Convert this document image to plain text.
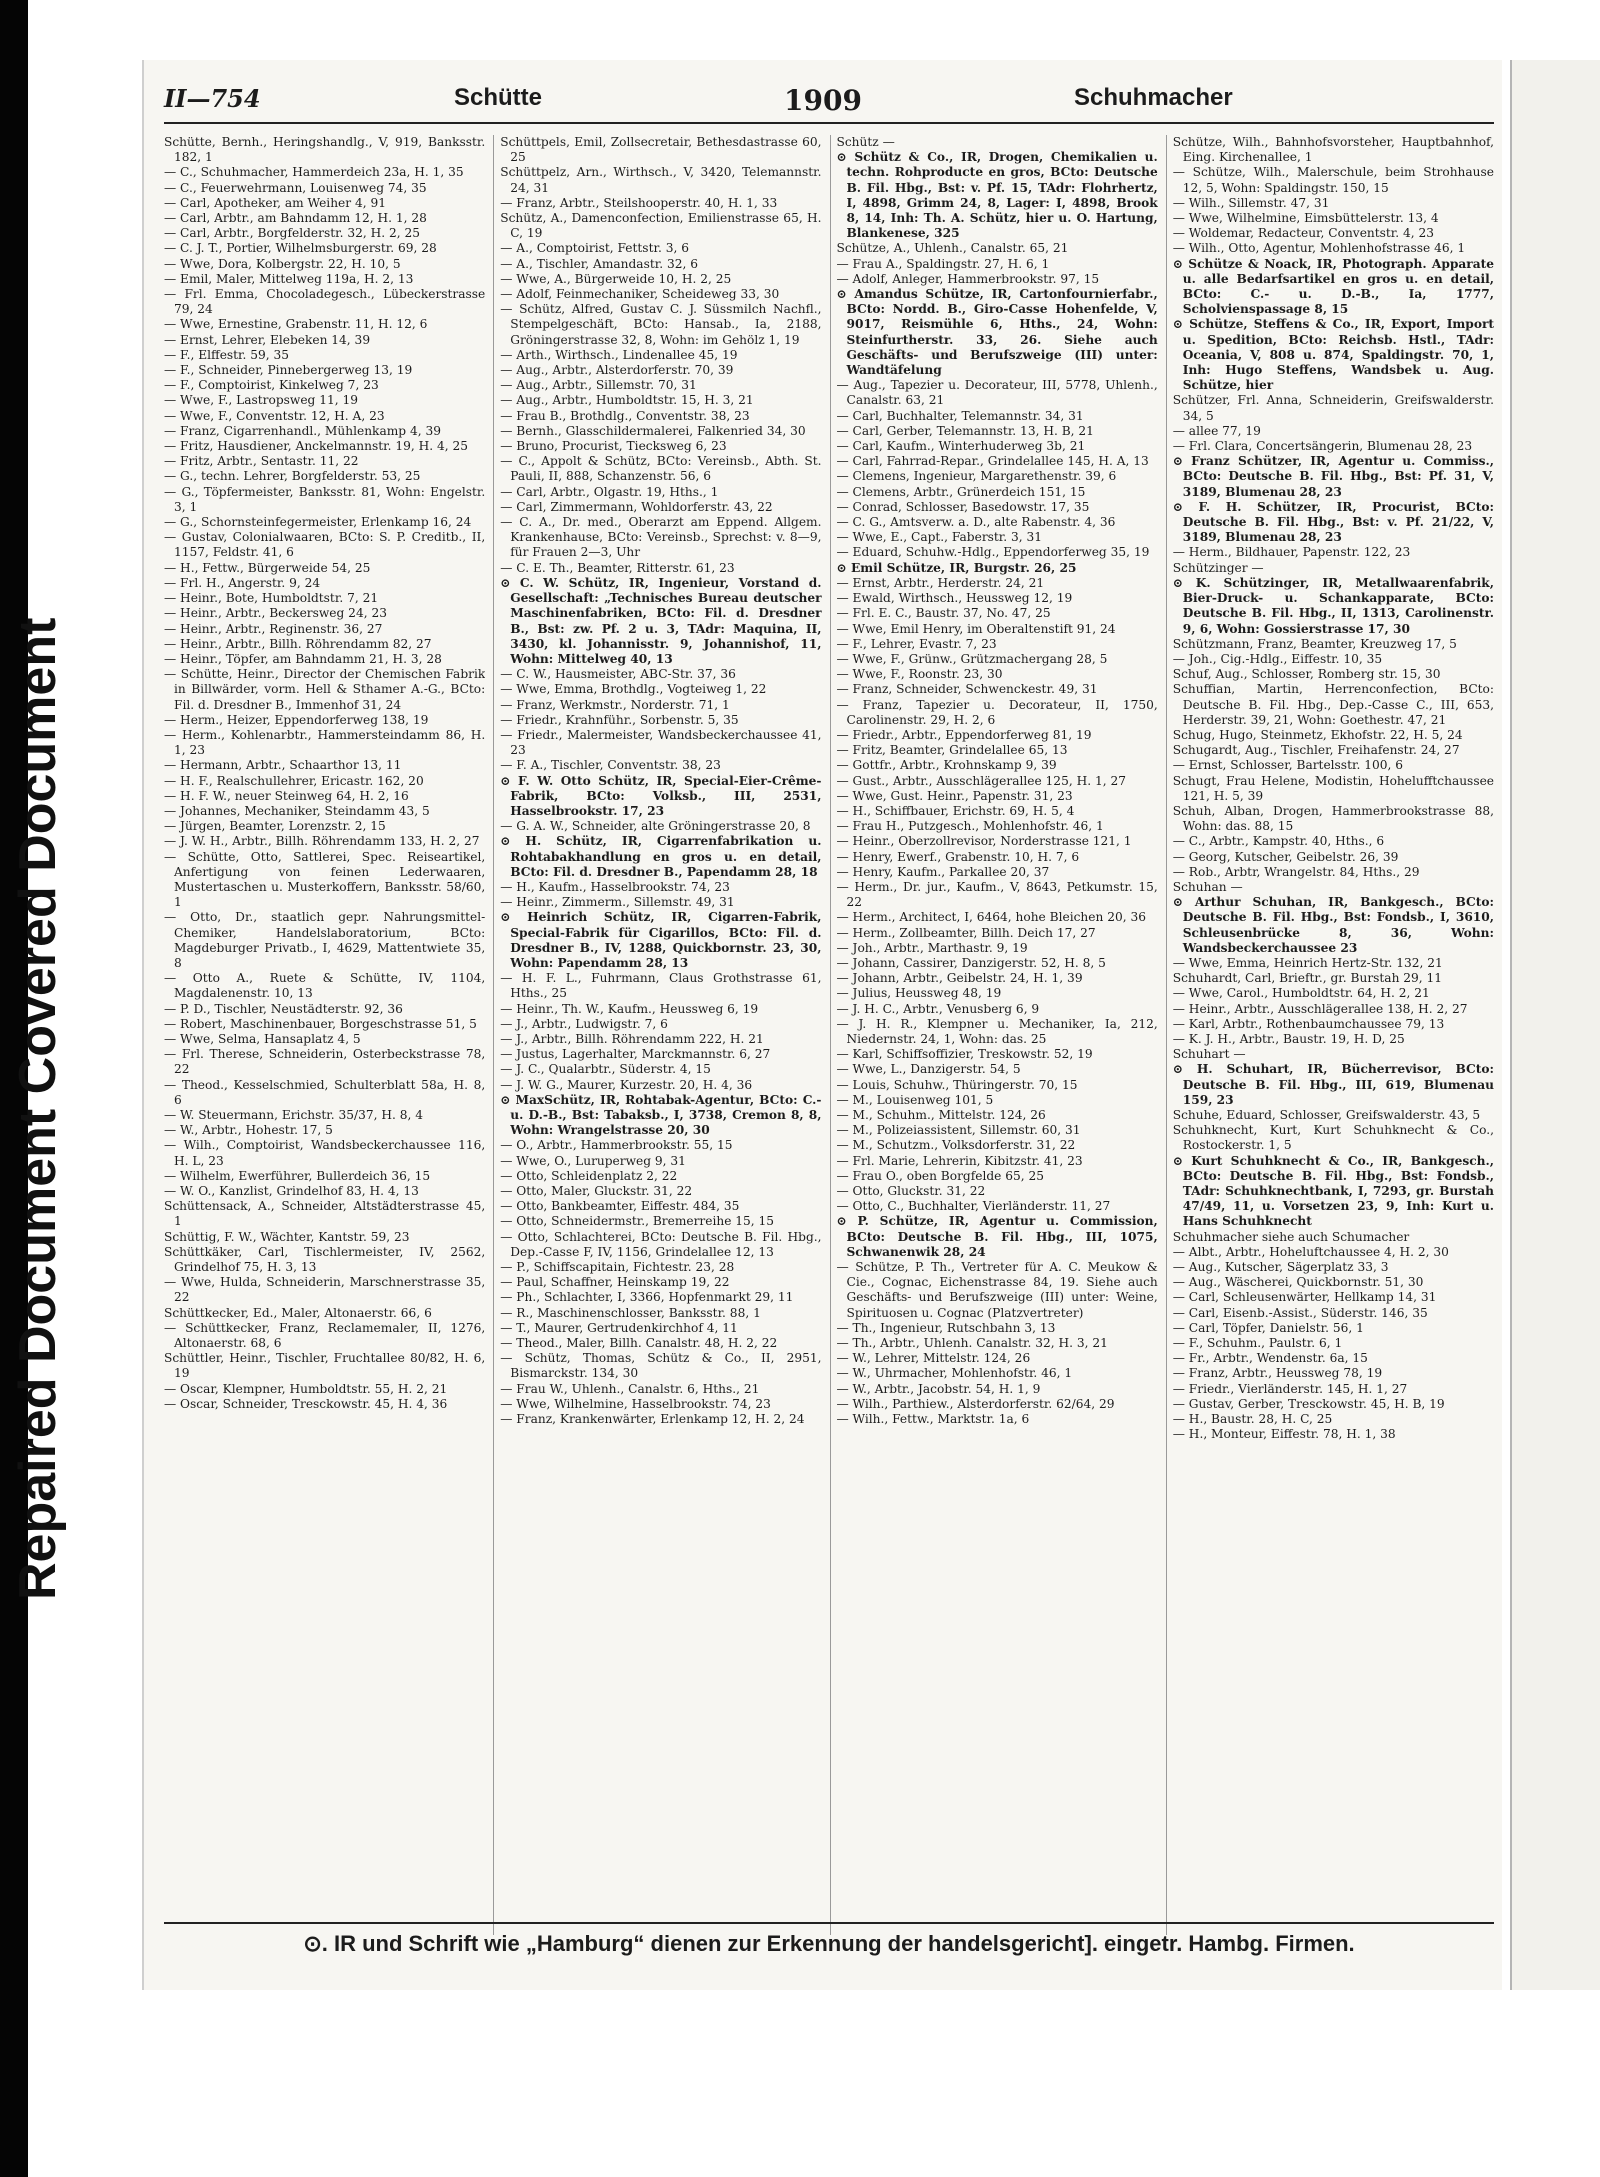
Repaired Document Covered Document
II—754	Schütte	1909	Schuhmacher

Schütte, Bernh., Heringshandlg., V, 919, Banksstr. 182, 1

— C., Schuhmacher, Hammerdeich 23a, H. 1, 35

— C., Feuerwehrmann, Louisenweg 74, 35

— Carl, Apotheker, am Weiher 4, 91

— Carl, Arbtr., am Bahndamm 12, H. 1, 28

— Carl, Arbtr., Borgfelderstr. 32, H. 2, 25

— C. J. T., Portier, Wilhelmsburgerstr. 69, 28

— Wwe, Dora, Kolbergstr. 22, H. 10, 5

— Emil, Maler, Mittelweg 119a, H. 2, 13

— Frl. Emma, Chocoladegesch., Lübeckerstrasse 79, 24

— Wwe, Ernestine, Grabenstr. 11, H. 12, 6

— Ernst, Lehrer, Elebeken 14, 39

— F., Elffestr. 59, 35

— F., Schneider, Pinnebergerweg 13, 19

— F., Comptoirist, Kinkelweg 7, 23

— Wwe, F., Lastropsweg 11, 19

— Wwe, F., Conventstr. 12, H. A, 23

— Franz, Cigarrenhandl., Mühlenkamp 4, 39

— Fritz, Hausdiener, Anckelmannstr. 19, H. 4, 25

— Fritz, Arbtr., Sentastr. 11, 22

— G., techn. Lehrer, Borgfelderstr. 53, 25

— G., Töpfermeister, Banksstr. 81, Wohn: Engelstr. 3, 1

— G., Schornsteinfegermeister, Erlenkamp 16, 24

— Gustav, Colonialwaaren, BCto: S. P. Creditb., II, 1157, Feldstr. 41, 6

— H., Fettw., Bürgerweide 54, 25

— Frl. H., Angerstr. 9, 24

— Heinr., Bote, Humboldtstr. 7, 21

— Heinr., Arbtr., Beckersweg 24, 23

— Heinr., Arbtr., Reginenstr. 36, 27

— Heinr., Arbtr., Billh. Röhrendamm 82, 27

— Heinr., Töpfer, am Bahndamm 21, H. 3, 28

— Schütte, Heinr., Director der Chemischen Fabrik in Billwärder, vorm. Hell & Sthamer A.-G., BCto: Fil. d. Dresdner B., Immenhof 31, 24

— Herm., Heizer, Eppendorferweg 138, 19

— Herm., Kohlenarbtr., Hammersteindamm 86, H. 1, 23

— Hermann, Arbtr., Schaarthor 13, 11

— H. F., Realschullehrer, Ericastr. 162, 20

— H. F. W., neuer Steinweg 64, H. 2, 16

— Johannes, Mechaniker, Steindamm 43, 5

— Jürgen, Beamter, Lorenzstr. 2, 15

— J. W. H., Arbtr., Billh. Röhrendamm 133, H. 2, 27

— Schütte, Otto, Sattlerei, Spec. Reiseartikel, Anfertigung von feinen Lederwaaren, Mustertaschen u. Musterkoffern, Banksstr. 58/60, 1

— Otto, Dr., staatlich gepr. Nahrungsmittel-Chemiker, Handelslaboratorium, BCto: Magdeburger Privatb., I, 4629, Mattentwiete 35, 8

— Otto A., Ruete & Schütte, IV, 1104, Magdalenenstr. 10, 13

— P. D., Tischler, Neustädterstr. 92, 36

— Robert, Maschinenbauer, Borgeschstrasse 51, 5

— Wwe, Selma, Hansaplatz 4, 5

— Frl. Therese, Schneiderin, Osterbeckstrasse 78, 22

— Theod., Kesselschmied, Schulterblatt 58a, H. 8, 6

— W. Steuermann, Erichstr. 35/37, H. 8, 4

— W., Arbtr., Hohestr. 17, 5

— Wilh., Comptoirist, Wandsbeckerchaussee 116, H. L, 23

— Wilhelm, Ewerführer, Bullerdeich 36, 15

— W. O., Kanzlist, Grindelhof 83, H. 4, 13

Schüttensack, A., Schneider, Altstädterstrasse 45, 1

Schüttig, F. W., Wächter, Kantstr. 59, 23

Schüttkäker, Carl, Tischlermeister, IV, 2562, Grindelhof 75, H. 3, 13

— Wwe, Hulda, Schneiderin, Marschnerstrasse 35, 22

Schüttkecker, Ed., Maler, Altonaerstr. 66, 6

— Schüttkecker, Franz, Reclamemaler, II, 1276, Altonaerstr. 68, 6

Schüttler, Heinr., Tischler, Fruchtallee 80/82, H. 6, 19

— Oscar, Klempner, Humboldtstr. 55, H. 2, 21

— Oscar, Schneider, Tresckowstr. 45, H. 4, 36

Schüttpels, Emil, Zollsecretair, Bethesdastrasse 60, 25

Schüttpelz, Arn., Wirthsch., V, 3420, Telemannstr. 24, 31

— Franz, Arbtr., Steilshooperstr. 40, H. 1, 33

Schütz, A., Damenconfection, Emilienstrasse 65, H. C, 19

— A., Comptoirist, Fettstr. 3, 6

— A., Tischler, Amandastr. 32, 6

— Wwe, A., Bürgerweide 10, H. 2, 25

— Adolf, Feinmechaniker, Scheideweg 33, 30

— Schütz, Alfred, Gustav C. J. Süssmilch Nachfl., Stempelgeschäft, BCto: Hansab., Ia, 2188, Gröningerstrasse 32, 8, Wohn: im Gehölz 1, 19

— Arth., Wirthsch., Lindenallee 45, 19

— Aug., Arbtr., Alsterdorferstr. 70, 39

— Aug., Arbtr., Sillemstr. 70, 31

— Aug., Arbtr., Humboldtstr. 15, H. 3, 21

— Frau B., Brothdlg., Conventstr. 38, 23

— Bernh., Glasschildermalerei, Falkenried 34, 30

— Bruno, Procurist, Tiecksweg 6, 23

— C., Appolt & Schütz, BCto: Vereinsb., Abth. St. Pauli, II, 888, Schanzenstr. 56, 6

— Carl, Arbtr., Olgastr. 19, Hths., 1

— Carl, Zimmermann, Wohldorferstr. 43, 22

— C. A., Dr. med., Oberarzt am Eppend. Allgem. Krankenhause, BCto: Vereinsb., Sprechst: v. 8—9, für Frauen 2—3, Uhr

— C. E. Th., Beamter, Ritterstr. 61, 23

⊙ C. W. Schütz, IR, Ingenieur, Vorstand d. Gesellschaft: „Technisches Bureau deutscher Maschinenfabriken, BCto: Fil. d. Dresdner B., Bst: zw. Pf. 2 u. 3, TAdr: Maquina, II, 3430, kl. Johannisstr. 9, Johannishof, 11, Wohn: Mittelweg 40, 13

— C. W., Hausmeister, ABC-Str. 37, 36

— Wwe, Emma, Brothdlg., Vogteiweg 1, 22

— Franz, Werkmstr., Norderstr. 71, 1

— Friedr., Krahnführ., Sorbenstr. 5, 35

— Friedr., Malermeister, Wandsbeckerchaussee 41, 23

— F. A., Tischler, Conventstr. 38, 23

⊙ F. W. Otto Schütz, IR, Special-Eier-Crême-Fabrik, BCto: Volksb., III, 2531, Hasselbrookstr. 17, 23

— G. A. W., Schneider, alte Gröningerstrasse 20, 8

⊙ H. Schütz, IR, Cigarrenfabrikation u. Rohtabakhandlung en gros u. en detail, BCto: Fil. d. Dresdner B., Papendamm 28, 18

— H., Kaufm., Hasselbrookstr. 74, 23

— Heinr., Zimmerm., Sillemstr. 49, 31

⊙ Heinrich Schütz, IR, Cigarren-Fabrik, Special-Fabrik für Cigarillos, BCto: Fil. d. Dresdner B., IV, 1288, Quickbornstr. 23, 30, Wohn: Papendamm 28, 13

— H. F. L., Fuhrmann, Claus Grothstrasse 61, Hths., 25

— Heinr., Th. W., Kaufm., Heussweg 6, 19

— J., Arbtr., Ludwigstr. 7, 6

— J., Arbtr., Billh. Röhrendamm 222, H. 21

— Justus, Lagerhalter, Marckmannstr. 6, 27

— J. C., Qualarbtr., Süderstr. 4, 15

— J. W. G., Maurer, Kurzestr. 20, H. 4, 36

⊙ MaxSchütz, IR, Rohtabak-Agentur, BCto: C.- u. D.-B., Bst: Tabaksb., I, 3738, Cremon 8, 8, Wohn: Wrangelstrasse 20, 30

— O., Arbtr., Hammerbrookstr. 55, 15

— Wwe, O., Luruperweg 9, 31

— Otto, Schleidenplatz 2, 22

— Otto, Maler, Gluckstr. 31, 22

— Otto, Bankbeamter, Eiffestr. 484, 35

— Otto, Schneidermstr., Bremerreihe 15, 15

— Otto, Schlachterei, BCto: Deutsche B. Fil. Hbg., Dep.-Casse F, IV, 1156, Grindelallee 12, 13

— P., Schiffscapitain, Fichtestr. 23, 28

— Paul, Schaffner, Heinskamp 19, 22

— Ph., Schlachter, I, 3366, Hopfenmarkt 29, 11

— R., Maschinenschlosser, Banksstr. 88, 1

— T., Maurer, Gertrudenkirchhof 4, 11

— Theod., Maler, Billh. Canalstr. 48, H. 2, 22

— Schütz, Thomas, Schütz & Co., II, 2951, Bismarckstr. 134, 30

— Frau W., Uhlenh., Canalstr. 6, Hths., 21

— Wwe, Wilhelmine, Hasselbrookstr. 74, 23

— Franz, Krankenwärter, Erlenkamp 12, H. 2, 24

Schütz —

⊙ Schütz & Co., IR, Drogen, Chemikalien u. techn. Rohproducte en gros, BCto: Deutsche B. Fil. Hbg., Bst: v. Pf. 15, TAdr: Flohrhertz, I, 4898, Grimm 24, 8, Lager: I, 4898, Brook 8, 14, Inh: Th. A. Schütz, hier u. O. Hartung, Blankenese, 325

Schütze, A., Uhlenh., Canalstr. 65, 21

— Frau A., Spaldingstr. 27, H. 6, 1

— Adolf, Anleger, Hammerbrookstr. 97, 15

⊙ Amandus Schütze, IR, Cartonfournierfabr., BCto: Nordd. B., Giro-Casse Hohenfelde, V, 9017, Reismühle 6, Hths., 24, Wohn: Steinfurtherstr. 33, 26. Siehe auch Geschäfts- und Berufszweige (III) unter: Wandtäfelung

— Aug., Tapezier u. Decorateur, III, 5778, Uhlenh., Canalstr. 63, 21

— Carl, Buchhalter, Telemannstr. 34, 31

— Carl, Gerber, Telemannstr. 13, H. B, 21

— Carl, Kaufm., Winterhuderweg 3b, 21

— Carl, Fahrrad-Repar., Grindelallee 145, H. A, 13

— Clemens, Ingenieur, Margarethenstr. 39, 6

— Clemens, Arbtr., Grünerdeich 151, 15

— Conrad, Schlosser, Basedowstr. 17, 35

— C. G., Amtsverw. a. D., alte Rabenstr. 4, 36

— Wwe, E., Capt., Faberstr. 3, 31

— Eduard, Schuhw.-Hdlg., Eppendorferweg 35, 19

⊙ Emil Schütze, IR, Burgstr. 26, 25

— Ernst, Arbtr., Herderstr. 24, 21

— Ewald, Wirthsch., Heussweg 12, 19

— Frl. E. C., Baustr. 37, No. 47, 25

— Wwe, Emil Henry, im Oberaltenstift 91, 24

— F., Lehrer, Evastr. 7, 23

— Wwe, F., Grünw., Grützmachergang 28, 5

— Wwe, F., Roonstr. 23, 30

— Franz, Schneider, Schwenckestr. 49, 31

— Franz, Tapezier u. Decorateur, II, 1750, Carolinenstr. 29, H. 2, 6

— Friedr., Arbtr., Eppendorferweg 81, 19

— Fritz, Beamter, Grindelallee 65, 13

— Gottfr., Arbtr., Krohnskamp 9, 39

— Gust., Arbtr., Ausschlägerallee 125, H. 1, 27

— Wwe, Gust. Heinr., Papenstr. 31, 23

— H., Schiffbauer, Erichstr. 69, H. 5, 4

— Frau H., Putzgesch., Mohlenhofstr. 46, 1

— Heinr., Oberzollrevisor, Norderstrasse 121, 1

— Henry, Ewerf., Grabenstr. 10, H. 7, 6

— Henry, Kaufm., Parkallee 20, 37

— Herm., Dr. jur., Kaufm., V, 8643, Petkumstr. 15, 22

— Herm., Architect, I, 6464, hohe Bleichen 20, 36

— Herm., Zollbeamter, Billh. Deich 17, 27

— Joh., Arbtr., Marthastr. 9, 19

— Johann, Cassirer, Danzigerstr. 52, H. 8, 5

— Johann, Arbtr., Geibelstr. 24, H. 1, 39

— Julius, Heussweg 48, 19

— J. H. C., Arbtr., Venusberg 6, 9

— J. H. R., Klempner u. Mechaniker, Ia, 212, Niedernstr. 24, 1, Wohn: das. 25

— Karl, Schiffsoffizier, Treskowstr. 52, 19

— Wwe, L., Danzigerstr. 54, 5

— Louis, Schuhw., Thüringerstr. 70, 15

— M., Louisenweg 101, 5

— M., Schuhm., Mittelstr. 124, 26

— M., Polizeiassistent, Sillemstr. 60, 31

— M., Schutzm., Volksdorferstr. 31, 22

— Frl. Marie, Lehrerin, Kibitzstr. 41, 23

— Frau O., oben Borgfelde 65, 25

— Otto, Gluckstr. 31, 22

— Otto, C., Buchhalter, Vierländerstr. 11, 27

⊙ P. Schütze, IR, Agentur u. Commission, BCto: Deutsche B. Fil. Hbg., III, 1075, Schwanenwik 28, 24

— Schütze, P. Th., Vertreter für A. C. Meukow & Cie., Cognac, Eichenstrasse 84, 19. Siehe auch Geschäfts- und Berufszweige (III) unter: Weine, Spirituosen u. Cognac (Platzvertreter)

— Th., Ingenieur, Rutschbahn 3, 13

— Th., Arbtr., Uhlenh. Canalstr. 32, H. 3, 21

— W., Lehrer, Mittelstr. 124, 26

— W., Uhrmacher, Mohlenhofstr. 46, 1

— W., Arbtr., Jacobstr. 54, H. 1, 9

— Wilh., Parthiew., Alsterdorferstr. 62/64, 29

— Wilh., Fettw., Marktstr. 1a, 6

Schütze, Wilh., Bahnhofsvorsteher, Hauptbahnhof, Eing. Kirchenallee, 1

— Schütze, Wilh., Malerschule, beim Strohhause 12, 5, Wohn: Spaldingstr. 150, 15

— Wilh., Sillemstr. 47, 31

— Wwe, Wilhelmine, Eimsbüttelerstr. 13, 4

— Woldemar, Redacteur, Conventstr. 4, 23

— Wilh., Otto, Agentur, Mohlenhofstrasse 46, 1

⊙ Schütze & Noack, IR, Photograph. Apparate u. alle Bedarfsartikel en gros u. en detail, BCto: C.- u. D.-B., Ia, 1777, Scholvienspassage 8, 15

⊙ Schütze, Steffens & Co., IR, Export, Import u. Spedition, BCto: Reichsb. Hstl., TAdr: Oceania, V, 808 u. 874, Spaldingstr. 70, 1, Inh: Hugo Steffens, Wandsbek u. Aug. Schütze, hier

Schützer, Frl. Anna, Schneiderin, Greifswalderstr. 34, 5

— allee 77, 19

— Frl. Clara, Concertsängerin, Blumenau 28, 23

⊙ Franz Schützer, IR, Agentur u. Commiss., BCto: Deutsche B. Fil. Hbg., Bst: Pf. 31, V, 3189, Blumenau 28, 23

⊙ F. H. Schützer, IR, Procurist, BCto: Deutsche B. Fil. Hbg., Bst: v. Pf. 21/22, V, 3189, Blumenau 28, 23

— Herm., Bildhauer, Papenstr. 122, 23

Schützinger —

⊙ K. Schützinger, IR, Metallwaarenfabrik, Bier-Druck- u. Schankapparate, BCto: Deutsche B. Fil. Hbg., II, 1313, Carolinenstr. 9, 6, Wohn: Gossierstrasse 17, 30

Schützmann, Franz, Beamter, Kreuzweg 17, 5

— Joh., Cig.-Hdlg., Eiffestr. 10, 35

Schuf, Aug., Schlosser, Romberg str. 15, 30

Schuffian, Martin, Herrenconfection, BCto: Deutsche B. Fil. Hbg., Dep.-Casse C., III, 653, Herderstr. 39, 21, Wohn: Goethestr. 47, 21

Schug, Hugo, Steinmetz, Ekhofstr. 22, H. 5, 24

Schugardt, Aug., Tischler, Freihafenstr. 24, 27

— Ernst, Schlosser, Bartelsstr. 100, 6

Schugt, Frau Helene, Modistin, Hohelufftchaussee 121, H. 5, 39

Schuh, Alban, Drogen, Hammerbrookstrasse 88, Wohn: das. 88, 15

— C., Arbtr., Kampstr. 40, Hths., 6

— Georg, Kutscher, Geibelstr. 26, 39

— Rob., Arbtr, Wrangelstr. 84, Hths., 29

Schuhan —

⊙ Arthur Schuhan, IR, Bankgesch., BCto: Deutsche B. Fil. Hbg., Bst: Fondsb., I, 3610, Schleusenbrücke 8, 36, Wohn: Wandsbeckerchaussee 23

— Wwe, Emma, Heinrich Hertz-Str. 132, 21

Schuhardt, Carl, Brieftr., gr. Burstah 29, 11

— Wwe, Carol., Humboldtstr. 64, H. 2, 21

— Heinr., Arbtr., Ausschlägerallee 138, H. 2, 27

— Karl, Arbtr., Rothenbaumchaussee 79, 13

— K. J. H., Arbtr., Baustr. 19, H. D, 25

Schuhart —

⊙ H. Schuhart, IR, Bücherrevisor, BCto: Deutsche B. Fil. Hbg., III, 619, Blumenau 159, 23

Schuhe, Eduard, Schlosser, Greifswalderstr. 43, 5

Schuhknecht, Kurt, Kurt Schuhknecht & Co., Rostockerstr. 1, 5

⊙ Kurt Schuhknecht & Co., IR, Bankgesch., BCto: Deutsche B. Fil. Hbg., Bst: Fondsb., TAdr: Schuhknechtbank, I, 7293, gr. Burstah 47/49, 11, u. Vorsetzen 23, 9, Inh: Kurt u. Hans Schuhknecht

Schuhmacher siehe auch Schumacher

— Albt., Arbtr., Hoheluftchaussee 4, H. 2, 30

— Aug., Kutscher, Sägerplatz 33, 3

— Aug., Wäscherei, Quickbornstr. 51, 30

— Carl, Schleusenwärter, Hellkamp 14, 31

— Carl, Eisenb.-Assist., Süderstr. 146, 35

— Carl, Töpfer, Danielstr. 56, 1

— F., Schuhm., Paulstr. 6, 1

— Fr., Arbtr., Wendenstr. 6a, 15

— Franz, Arbtr., Heussweg 78, 19

— Friedr., Vierländerstr. 145, H. 1, 27

— Gustav, Gerber, Tresckowstr. 45, H. B, 19

— H., Baustr. 28, H. C, 25

— H., Monteur, Eiffestr. 78, H. 1, 38

⊙. IR und Schrift wie „Hamburg“ dienen zur Erkennung der handelsgericht]. eingetr. Hambg. Firmen.
